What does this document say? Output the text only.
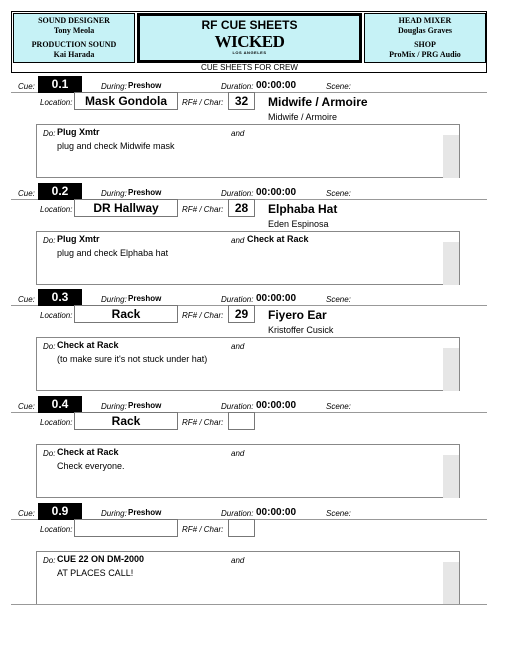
SOUND DESIGNER
Tony Meola
PRODUCTION SOUND
Kai Harada
RF CUE SHEETS
WICKED
LOS ANGELES
CUE SHEETS FOR CREW
HEAD MIXER
Douglas Graves
SHOP
ProMix / PRG Audio
Cue:	0.1	During: Preshow	Duration: 00:00:00	Scene:
Location:	Mask Gondola	RF# / Char: 32	Midwife / Armoire
Midwife / Armoire
Do: Plug Xmtr	and
plug and check Midwife mask
Cue:	0.2	During: Preshow	Duration: 00:00:00	Scene:
Location:	DR Hallway	RF# / Char: 28	Elphaba Hat
Eden Espinosa
Do: Plug Xmtr	and Check at Rack
plug and check Elphaba hat
Cue:	0.3	During: Preshow	Duration: 00:00:00	Scene:
Location:	Rack	RF# / Char: 29	Fiyero Ear
Kristoffer Cusick
Do: Check at Rack	and
(to make sure it's not stuck under hat)
Cue:	0.4	During: Preshow	Duration: 00:00:00	Scene:
Location:	Rack	RF# / Char:
Do: Check at Rack	and
Check everyone.
Cue:	0.9	During: Preshow	Duration: 00:00:00	Scene:
Location:	RF# / Char:
Do: CUE 22 ON DM-2000	and
AT PLACES CALL!
